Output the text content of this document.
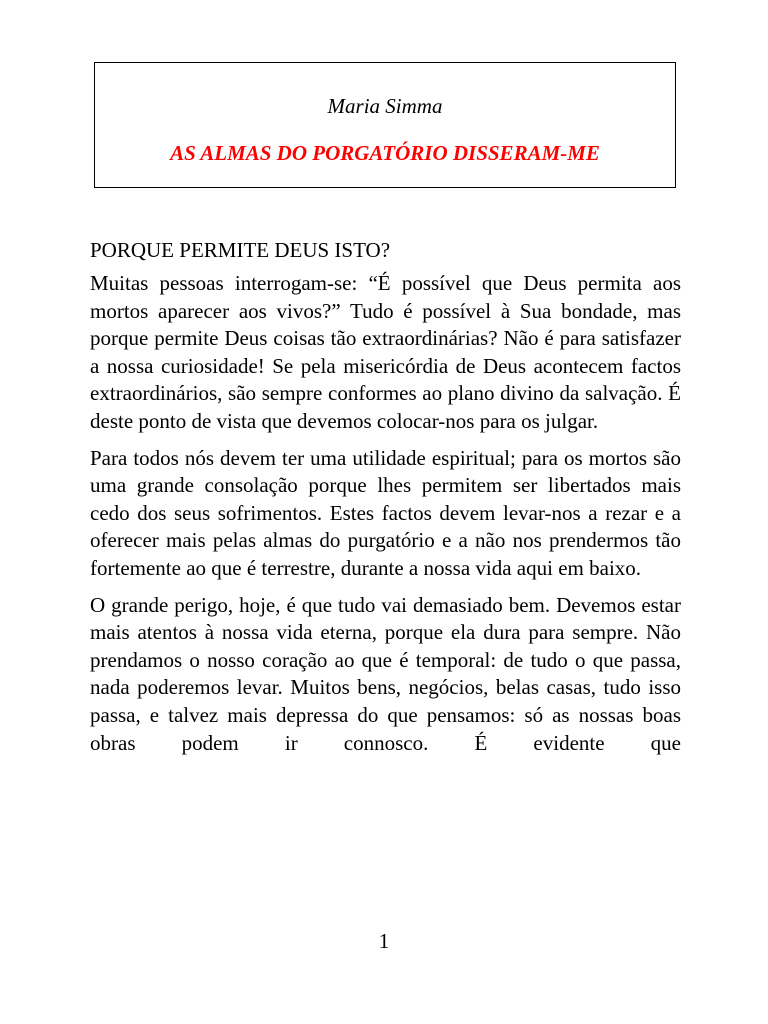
Maria Simma
AS ALMAS DO PORGATÓRIO DISSERAM-ME

PORQUE PERMITE DEUS ISTO?

Muitas pessoas interrogam-se: “É possível que Deus permita aos mortos aparecer aos vivos?” Tudo é possível à Sua bondade, mas porque permite Deus coisas tão extraordinárias? Não é para satisfazer a nossa curiosidade! Se pela misericórdia de Deus acontecem factos extraordinários, são sempre conformes ao plano divino da salvação. É deste ponto de vista que devemos colocar-nos para os julgar.

Para todos nós devem ter uma utilidade espiritual; para os mortos são uma grande consolação porque lhes permitem ser libertados mais cedo dos seus sofrimentos. Estes factos devem levar-nos a rezar e a oferecer mais pelas almas do purgatório e a não nos prendermos tão fortemente ao que é terrestre, durante a nossa vida aqui em baixo.

O grande perigo, hoje, é que tudo vai demasiado bem. Devemos estar mais atentos à nossa vida eterna, porque ela dura para sempre. Não prendamos o nosso coração ao que é temporal: de tudo o que passa, nada poderemos levar. Muitos bens, negócios, belas casas, tudo isso passa, e talvez mais depressa do que pensamos: só as nossas boas obras podem ir connosco. É evidente que

1
